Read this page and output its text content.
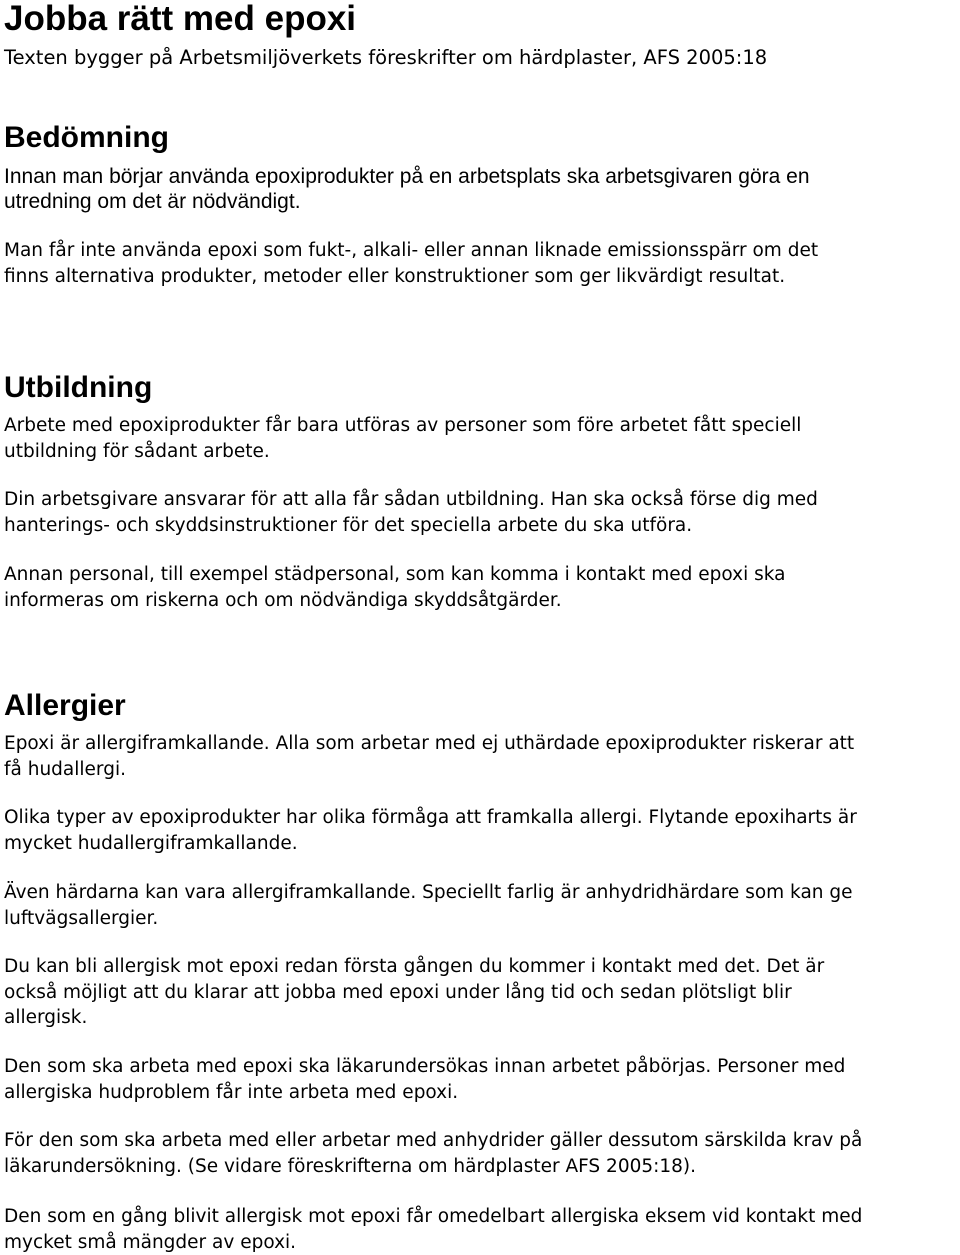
Jobba rätt med epoxi
Texten bygger på Arbetsmiljöverkets föreskrifter om härdplaster, AFS 2005:18
Bedömning

Innan man börjar använda epoxiprodukter på en arbetsplats ska arbetsgivaren göra en
utredning om det är nödvändigt.

Man får inte använda epoxi som fukt-, alkali- eller annan liknade emissionsspärr om det
finns alternativa produkter, metoder eller konstruktioner som ger likvärdigt resultat.

Utbildning

Arbete med epoxiprodukter får bara utföras av personer som före arbetet fått speciell
utbildning för sådant arbete.

Din arbetsgivare ansvarar för att alla får sådan utbildning. Han ska också förse dig med
hanterings- och skyddsinstruktioner för det speciella arbete du ska utföra.

Annan personal, till exempel städpersonal, som kan komma i kontakt med epoxi ska
informeras om riskerna och om nödvändiga skyddsåtgärder.

Allergier

Epoxi är allergiframkallande. Alla som arbetar med ej uthärdade epoxiprodukter riskerar att
få hudallergi.

Olika typer av epoxiprodukter har olika förmåga att framkalla allergi. Flytande epoxiharts är
mycket hudallergiframkallande.

Även härdarna kan vara allergiframkallande. Speciellt farlig är anhydridhärdare som kan ge
luftvägsallergier.

Du kan bli allergisk mot epoxi redan första gången du kommer i kontakt med det. Det är
också möjligt att du klarar att jobba med epoxi under lång tid och sedan plötsligt blir
allergisk.

Den som ska arbeta med epoxi ska läkarundersökas innan arbetet påbörjas. Personer med
allergiska hudproblem får inte arbeta med epoxi.

För den som ska arbeta med eller arbetar med anhydrider gäller dessutom särskilda krav på
läkarundersökning. (Se vidare föreskrifterna om härdplaster AFS 2005:18).

Den som en gång blivit allergisk mot epoxi får omedelbart allergiska eksem vid kontakt med
mycket små mängder av epoxi.
